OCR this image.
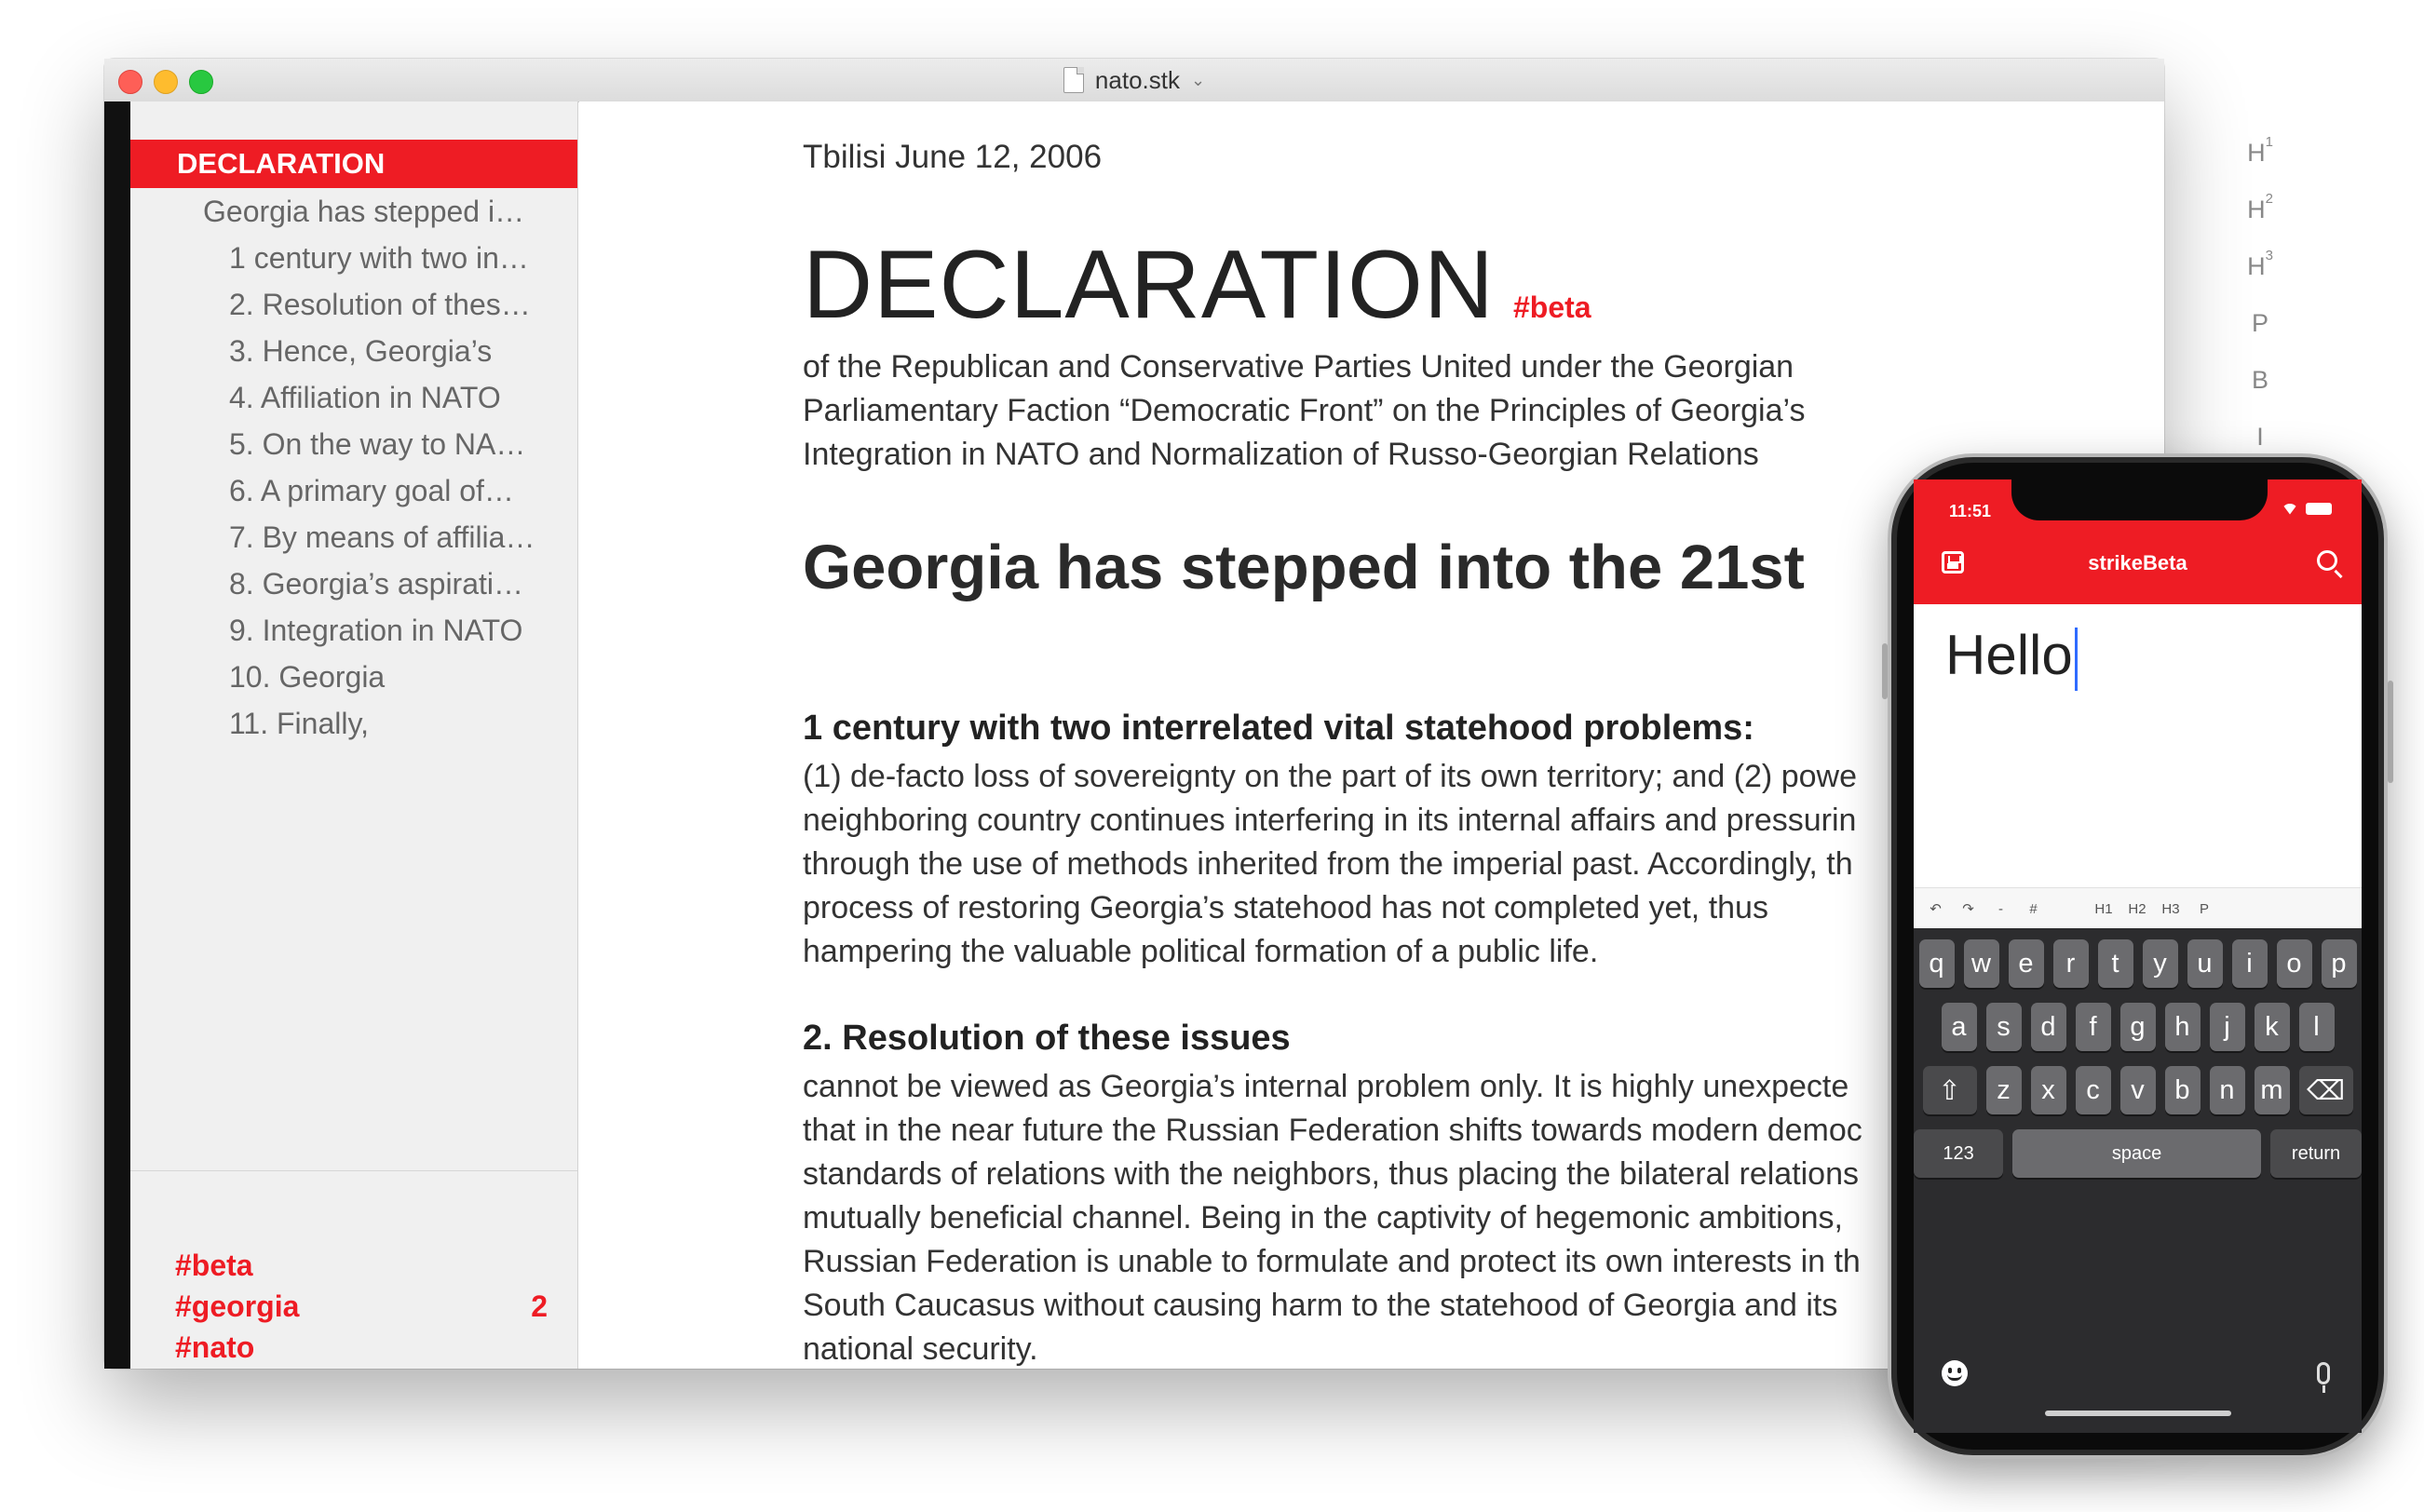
nato.stk ⌄
DECLARATION
Georgia has stepped i…
1 century with two in…
2. Resolution of thes…
3. Hence, Georgia’s
4. Affiliation in NATO
5. On the way to NA…
6. A primary goal of…
7. By means of affilia…
8. Georgia’s aspirati…
9. Integration in NATO
10. Georgia
11. Finally,
#beta
#georgia	2
#nato
Tbilisi June 12, 2006
DECLARATION #beta
of the Republican and Conservative Parties United under the Georgian Parliamentary Faction “Democratic Front” on the Principles of Georgia’s Integration in NATO and Normalization of Russo-Georgian Relations
Georgia has stepped into the 21st
1 century with two interrelated vital statehood problems:
(1) de-facto loss of sovereignty on the part of its own territory; and (2) powe
neighboring country continues interfering in its internal affairs and pressurin
through the use of methods inherited from the imperial past. Accordingly, th
process of restoring Georgia’s statehood has not completed yet, thus
hampering the valuable political formation of a public life.
2. Resolution of these issues
cannot be viewed as Georgia’s internal problem only. It is highly unexpecte
that in the near future the Russian Federation shifts towards modern democ
standards of relations with the neighbors, thus placing the bilateral relations
mutually beneficial channel. Being in the captivity of hegemonic ambitions,
Russian Federation is unable to formulate and protect its own interests in th
South Caucasus without causing harm to the statehood of Georgia and its
national security.
$H^1$
$H^2$
$H^3$
P
B
I
11:51
strikeBeta
Hello
↶	↷	-	#	H1	H2	H3	P
q	w	e	r	t	y	u	i	o	p
a	s	d	f	g	h	j	k	l
⇧	z	x	c	v	b	n m ⌫
123	space	return
